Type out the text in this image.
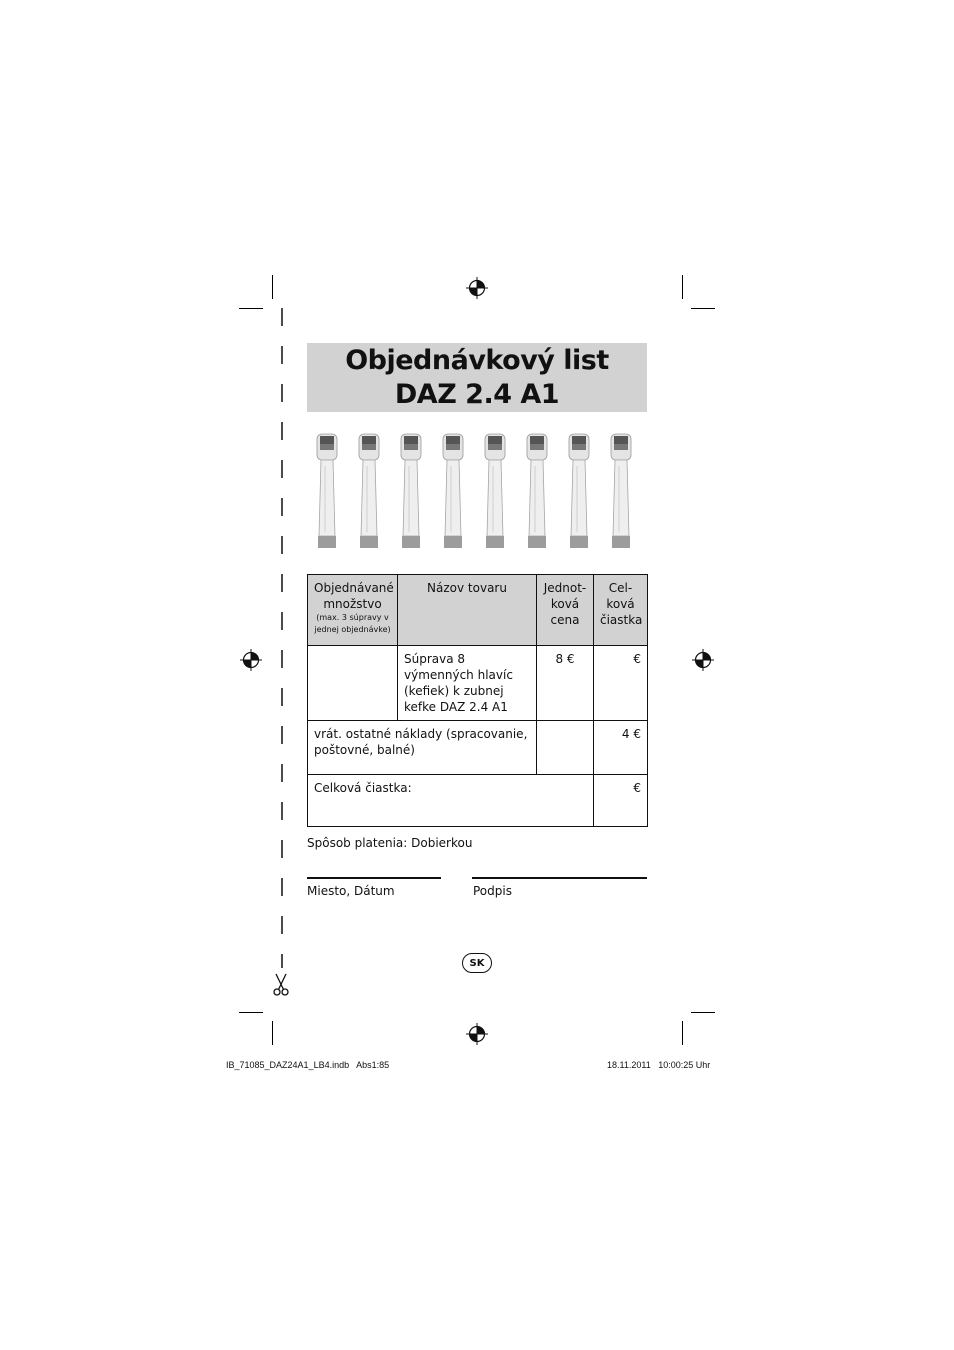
Objednávkový list
DAZ 2.4 A1
Objednávané množstvo
(max. 3 súpravy v jednej objednávke)	Názov tovaru	Jednot-ková cena	Cel-ková čiastka
	Súprava 8 výmenných hlavíc (kefiek) k zubnej kefke DAZ 2.4 A1	8 €	€
vrát. ostatné náklady (spracovanie, poštovné, balné)			4 €
Celková čiastka:			€
Spôsob platenia: Dobierkou
Miesto, Dátum	Podpis
SK
IB_71085_DAZ24A1_LB4.indb   Abs1:85	18.11.2011   10:00:25 Uhr
